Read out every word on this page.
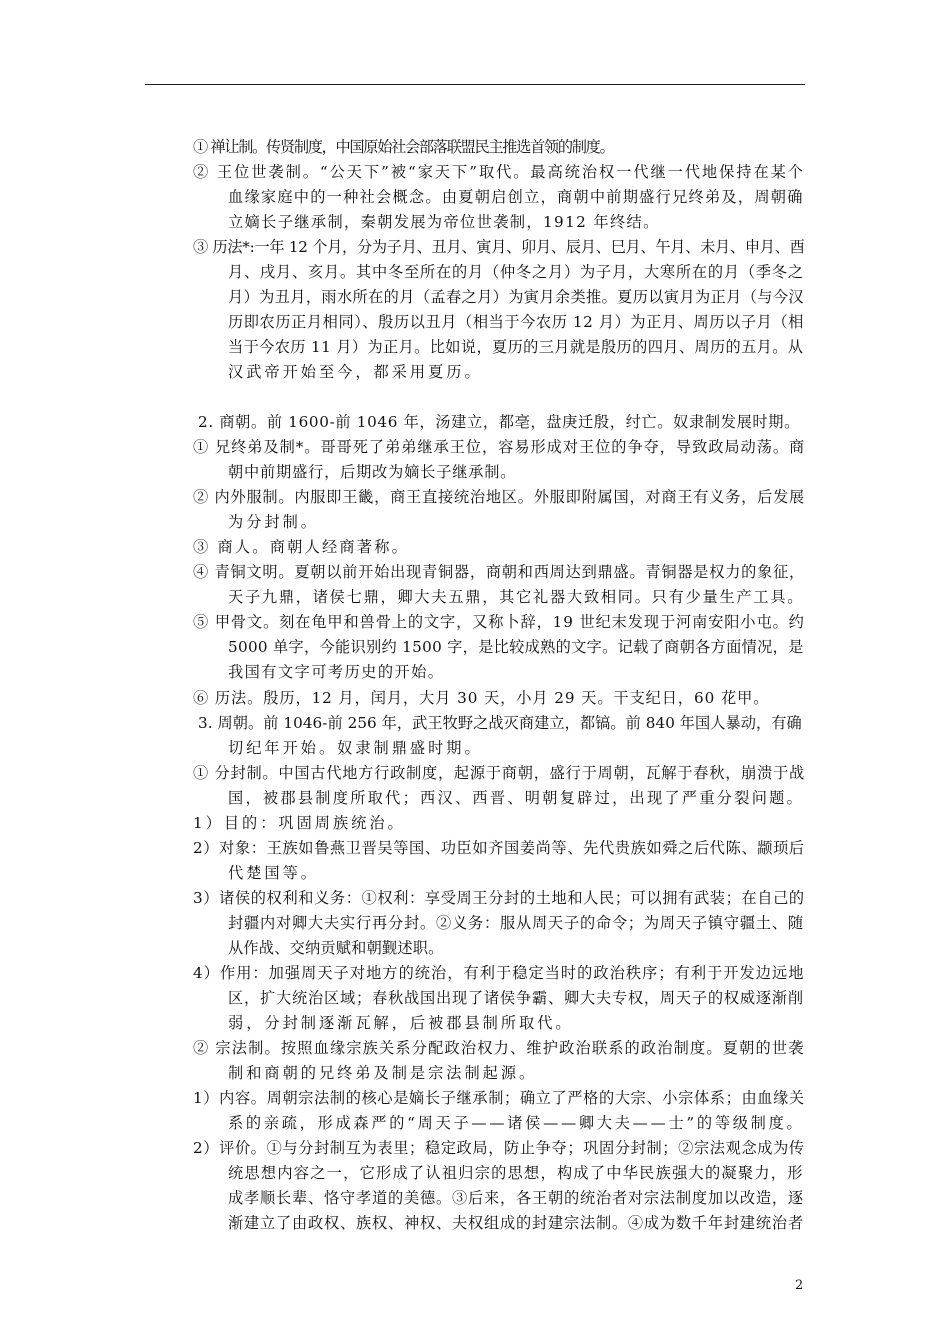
① 禅让制。传贤制度，中国原始社会部落联盟民主推选首领的制度。
② 王位世袭制。“公天下”被“家天下”取代。最高统治权一代继一代地保持在某个
血缘家庭中的一种社会概念。由夏朝启创立，商朝中前期盛行兄终弟及，周朝确
立嫡长子继承制，秦朝发展为帝位世袭制，1912 年终结。
③ 历法*:一年 12 个月，分为子月、丑月、寅月、卯月、辰月、巳月、午月、未月、申月、酉
月、戌月、亥月。其中冬至所在的月（仲冬之月）为子月，大寒所在的月（季冬之
月）为丑月，雨水所在的月（孟春之月）为寅月余类推。夏历以寅月为正月（与今汉
历即农历正月相同）、殷历以丑月（相当于今农历 12 月）为正月、周历以子月（相
当于今农历 11 月）为正月。比如说，夏历的三月就是殷历的四月、周历的五月。从
汉武帝开始至今，都采用夏历。
2. 商朝。前 1600-前 1046 年，汤建立，都亳，盘庚迁殷，纣亡。奴隶制发展时期。
① 兄终弟及制*。哥哥死了弟弟继承王位，容易形成对王位的争夺，导致政局动荡。商
朝中前期盛行，后期改为嫡长子继承制。
② 内外服制。内服即王畿，商王直接统治地区。外服即附属国，对商王有义务，后发展
为分封制。
③ 商人。商朝人经商著称。
④ 青铜文明。夏朝以前开始出现青铜器，商朝和西周达到鼎盛。青铜器是权力的象征，
天子九鼎，诸侯七鼎，卿大夫五鼎，其它礼器大致相同。只有少量生产工具。
⑤ 甲骨文。刻在龟甲和兽骨上的文字，又称卜辞，19 世纪末发现于河南安阳小屯。约
5000 单字，今能识别约 1500 字，是比较成熟的文字。记载了商朝各方面情况，是
我国有文字可考历史的开始。
⑥ 历法。殷历，12 月，闰月，大月 30 天，小月 29 天。干支纪日，60 花甲。
3. 周朝。前 1046-前 256 年，武王牧野之战灭商建立，都镐。前 840 年国人暴动，有确
切纪年开始。奴隶制鼎盛时期。
① 分封制。中国古代地方行政制度，起源于商朝，盛行于周朝，瓦解于春秋，崩溃于战
国，被郡县制度所取代；西汉、西晋、明朝复辟过，出现了严重分裂问题。
1）目的：巩固周族统治。
2）对象：王族如鲁燕卫晋吴等国、功臣如齐国姜尚等、先代贵族如舜之后代陈、颛顼后
代楚国等。
3）诸侯的权利和义务：①权利：享受周王分封的土地和人民；可以拥有武装；在自己的
封疆内对卿大夫实行再分封。②义务：服从周天子的命令；为周天子镇守疆土、随
从作战、交纳贡赋和朝觐述职。
4）作用：加强周天子对地方的统治，有利于稳定当时的政治秩序；有利于开发边远地
区，扩大统治区域；春秋战国出现了诸侯争霸、卿大夫专权，周天子的权威逐渐削
弱，分封制逐渐瓦解，后被郡县制所取代。
② 宗法制。按照血缘宗族关系分配政治权力、维护政治联系的政治制度。夏朝的世袭
制和商朝的兄终弟及制是宗法制起源。
1）内容。周朝宗法制的核心是嫡长子继承制；确立了严格的大宗、小宗体系；由血缘关
系的亲疏，形成森严的“周天子——诸侯——卿大夫——士”的等级制度。
2）评价。①与分封制互为表里；稳定政局，防止争夺；巩固分封制；②宗法观念成为传
统思想内容之一，它形成了认祖归宗的思想，构成了中华民族强大的凝聚力，形
成孝顺长辈、恪守孝道的美德。③后来，各王朝的统治者对宗法制度加以改造，逐
渐建立了由政权、族权、神权、夫权组成的封建宗法制。④成为数千年封建统治者
2
